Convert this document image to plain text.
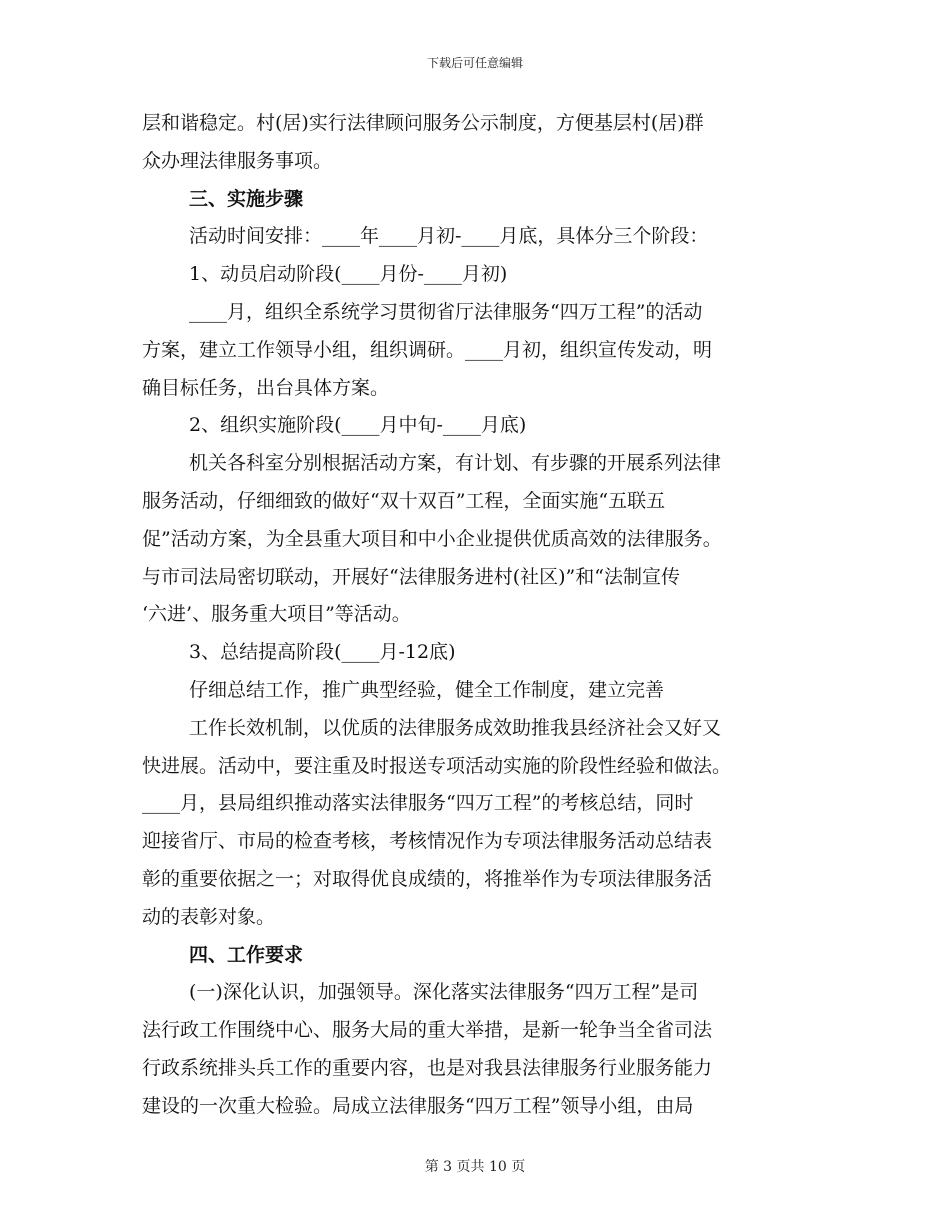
下载后可任意编辑
层和谐稳定。村(居)实行法律顾问服务公示制度，方便基层村(居)群
众办理法律服务事项。
三、实施步骤
活动时间安排：____年____月初-____月底，具体分三个阶段：
1、动员启动阶段(____月份-____月初)
____月，组织全系统学习贯彻省厅法律服务“四万工程”的活动
方案，建立工作领导小组，组织调研。____月初，组织宣传发动，明
确目标任务，出台具体方案。
2、组织实施阶段(____月中旬-____月底)
机关各科室分别根据活动方案，有计划、有步骤的开展系列法律
服务活动，仔细细致的做好“双十双百”工程，全面实施“五联五
促”活动方案，为全县重大项目和中小企业提供优质高效的法律服务。
与市司法局密切联动，开展好“法律服务进村(社区)”和“法制宣传
‘六进’、服务重大项目”等活动。
3、总结提高阶段(____月-12底)
仔细总结工作，推广典型经验，健全工作制度，建立完善
工作长效机制，以优质的法律服务成效助推我县经济社会又好又
快进展。活动中，要注重及时报送专项活动实施的阶段性经验和做法。
____月，县局组织推动落实法律服务“四万工程”的考核总结，同时
迎接省厅、市局的检查考核，考核情况作为专项法律服务活动总结表
彰的重要依据之一；对取得优良成绩的，将推举作为专项法律服务活
动的表彰对象。
四、工作要求
(一)深化认识，加强领导。深化落实法律服务“四万工程”是司
法行政工作围绕中心、服务大局的重大举措，是新一轮争当全省司法
行政系统排头兵工作的重要内容，也是对我县法律服务行业服务能力
建设的一次重大检验。局成立法律服务“四万工程”领导小组，由局
第 3 页共 10 页
